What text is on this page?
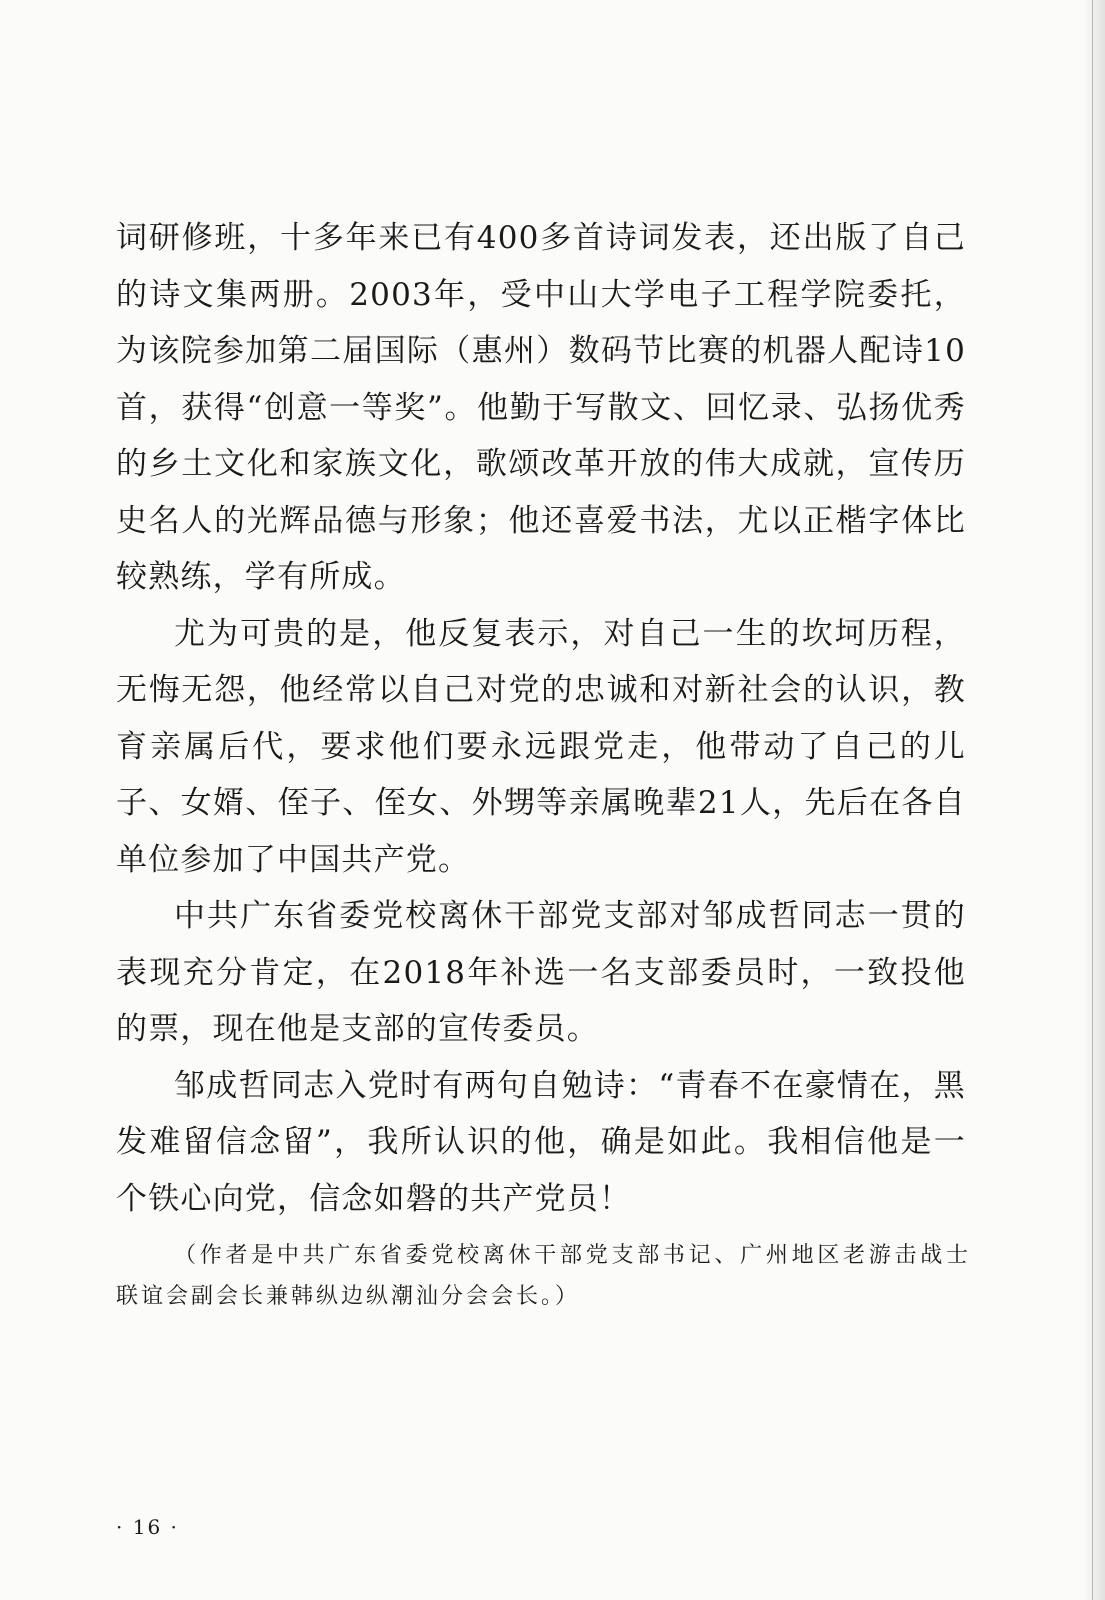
词研修班，十多年来已有400多首诗词发表，还出版了自己的诗文集两册。2003年，受中山大学电子工程学院委托，为该院参加第二届国际（惠州）数码节比赛的机器人配诗10首，获得“创意一等奖”。他勤于写散文、回忆录、弘扬优秀的乡土文化和家族文化，歌颂改革开放的伟大成就，宣传历史名人的光辉品德与形象；他还喜爱书法，尤以正楷字体比较熟练，学有所成。

尤为可贵的是，他反复表示，对自己一生的坎坷历程，无悔无怨，他经常以自己对党的忠诚和对新社会的认识，教育亲属后代，要求他们要永远跟党走，他带动了自己的儿子、女婿、侄子、侄女、外甥等亲属晚辈21人，先后在各自单位参加了中国共产党。

中共广东省委党校离休干部党支部对邹成哲同志一贯的表现充分肯定，在2018年补选一名支部委员时，一致投他的票，现在他是支部的宣传委员。

邹成哲同志入党时有两句自勉诗：“青春不在豪情在，黑发难留信念留”，我所认识的他，确是如此。我相信他是一个铁心向党，信念如磐的共产党员！

（作者是中共广东省委党校离休干部党支部书记、广州地区老游击战士联谊会副会长兼韩纵边纵潮汕分会会长。）

· 16 ·
